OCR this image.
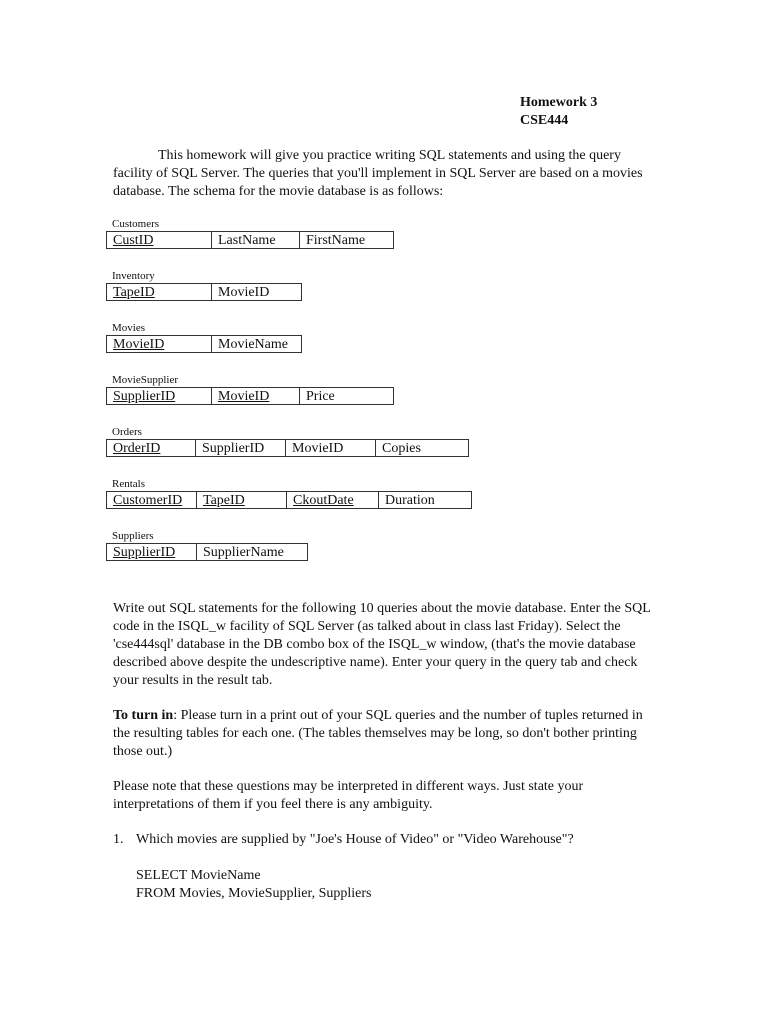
Homework 3
CSE444
This homework will give you practice writing SQL statements and using the query facility of SQL Server. The queries that you'll implement in SQL Server are based on a movies database. The schema for the movie database is as follows:
Customers
CustID	LastName	FirstName
Inventory
TapeID	MovieID
Movies
MovieID	MovieName
MovieSupplier
SupplierID	MovieID	Price
Orders
OrderID	SupplierID	MovieID	Copies
Rentals
CustomerID	TapeID	CkoutDate	Duration
Suppliers
SupplierID	SupplierName
Write out SQL statements for the following 10 queries about the movie database. Enter the SQL code in the ISQL_w facility of SQL Server (as talked about in class last Friday). Select the 'cse444sql' database in the DB combo box of the ISQL_w window, (that's the movie database described above despite the undescriptive name). Enter your query in the query tab and check your results in the result tab.
To turn in: Please turn in a print out of your SQL queries and the number of tuples returned in the resulting tables for each one. (The tables themselves may be long, so don't bother printing those out.)
Please note that these questions may be interpreted in different ways. Just state your interpretations of them if you feel there is any ambiguity.
1. Which movies are supplied by "Joe's House of Video" or "Video Warehouse"?
SELECT MovieName
FROM Movies, MovieSupplier, Suppliers
